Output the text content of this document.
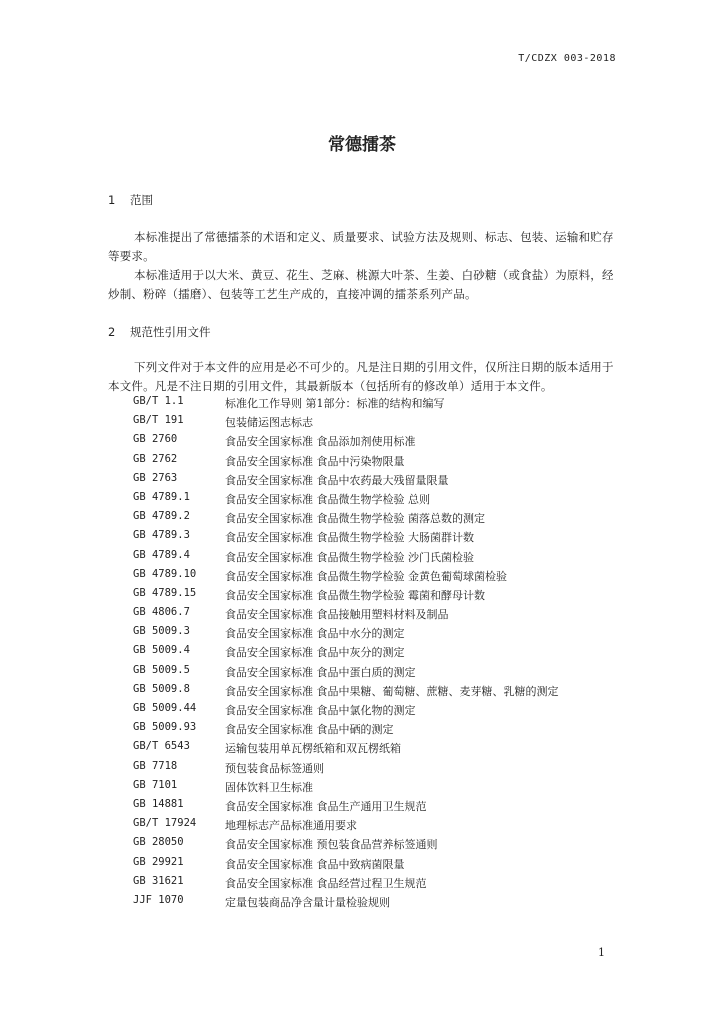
T/CDZX 003-2018
常德擂茶
1 范围
本标准提出了常德擂茶的术语和定义、质量要求、试验方法及规则、标志、包装、运输和贮存等要求。
本标准适用于以大米、黄豆、花生、芝麻、桃源大叶茶、生姜、白砂糖（或食盐）为原料，经炒制、粉碎（擂磨）、包装等工艺生产成的，直接冲调的擂茶系列产品。
2 规范性引用文件
下列文件对于本文件的应用是必不可少的。凡是注日期的引用文件，仅所注日期的版本适用于本文件。凡是不注日期的引用文件，其最新版本（包括所有的修改单）适用于本文件。
GB/T 1.1	标准化工作导则 第1部分：标准的结构和编写
GB/T 191	包装储运图志标志
GB 2760	食品安全国家标准 食品添加剂使用标准
GB 2762	食品安全国家标准 食品中污染物限量
GB 2763	食品安全国家标准 食品中农药最大残留量限量
GB 4789.1	食品安全国家标准 食品微生物学检验 总则
GB 4789.2	食品安全国家标准 食品微生物学检验 菌落总数的测定
GB 4789.3	食品安全国家标准 食品微生物学检验 大肠菌群计数
GB 4789.4	食品安全国家标准 食品微生物学检验 沙门氏菌检验
GB 4789.10	食品安全国家标准 食品微生物学检验 金黄色葡萄球菌检验
GB 4789.15	食品安全国家标准 食品微生物学检验 霉菌和酵母计数
GB 4806.7	食品安全国家标准 食品接触用塑料材料及制品
GB 5009.3	食品安全国家标准 食品中水分的测定
GB 5009.4	食品安全国家标准 食品中灰分的测定
GB 5009.5	食品安全国家标准 食品中蛋白质的测定
GB 5009.8	食品安全国家标准 食品中果糖、葡萄糖、蔗糖、麦芽糖、乳糖的测定
GB 5009.44	食品安全国家标准 食品中氯化物的测定
GB 5009.93	食品安全国家标准 食品中硒的测定
GB/T 6543	运输包装用单瓦楞纸箱和双瓦楞纸箱
GB 7718	预包装食品标签通则
GB 7101	固体饮料卫生标准
GB 14881	食品安全国家标准 食品生产通用卫生规范
GB/T 17924	地理标志产品标准通用要求
GB 28050	食品安全国家标准 预包装食品营养标签通则
GB 29921	食品安全国家标准 食品中致病菌限量
GB 31621	食品安全国家标准 食品经营过程卫生规范
JJF 1070	定量包装商品净含量计量检验规则
1
